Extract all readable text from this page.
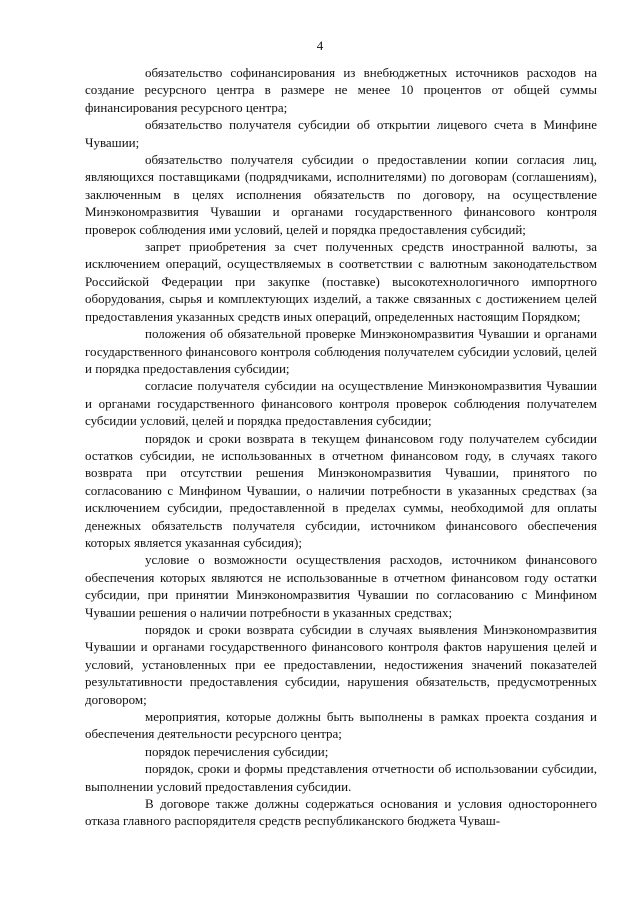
4

обязательство софинансирования из внебюджетных источников расходов на создание ресурсного центра в размере не менее 10 процентов от общей суммы финансирования ресурсного центра;

обязательство получателя субсидии об открытии лицевого счета в Минфине Чувашии;

обязательство получателя субсидии о предоставлении копии согласия лиц, являющихся поставщиками (подрядчиками, исполнителями) по договорам (соглашениям), заключенным в целях исполнения обязательств по договору, на осуществление Минэкономразвития Чувашии и органами государственного финансового контроля проверок соблюдения ими условий, целей и порядка предоставления субсидий;

запрет приобретения за счет полученных средств иностранной валюты, за исключением операций, осуществляемых в соответствии с валютным законодательством Российской Федерации при закупке (поставке) высокотехнологичного импортного оборудования, сырья и комплектующих изделий, а также связанных с достижением целей предоставления указанных средств иных операций, определенных настоящим Порядком;

положения об обязательной проверке Минэкономразвития Чувашии и органами государственного финансового контроля соблюдения получателем субсидии условий, целей и порядка предоставления субсидии;

согласие получателя субсидии на осуществление Минэкономразвития Чувашии и органами государственного финансового контроля проверок соблюдения получателем субсидии условий, целей и порядка предоставления субсидии;

порядок и сроки возврата в текущем финансовом году получателем субсидии остатков субсидии, не использованных в отчетном финансовом году, в случаях такого возврата при отсутствии решения Минэкономразвития Чувашии, принятого по согласованию с Минфином Чувашии, о наличии потребности в указанных средствах (за исключением субсидии, предоставленной в пределах суммы, необходимой для оплаты денежных обязательств получателя субсидии, источником финансового обеспечения которых является указанная субсидия);

условие о возможности осуществления расходов, источником финансового обеспечения которых являются не использованные в отчетном финансовом году остатки субсидии, при принятии Минэкономразвития Чувашии по согласованию с Минфином Чувашии решения о наличии потребности в указанных средствах;

порядок и сроки возврата субсидии в случаях выявления Минэкономразвития Чувашии и органами государственного финансового контроля фактов нарушения целей и условий, установленных при ее предоставлении, недостижения значений показателей результативности предоставления субсидии, нарушения обязательств, предусмотренных договором;

мероприятия, которые должны быть выполнены в рамках проекта создания и обеспечения деятельности ресурсного центра;

порядок перечисления субсидии;

порядок, сроки и формы представления отчетности об использовании субсидии, выполнении условий предоставления субсидии.

В договоре также должны содержаться основания и условия одностороннего отказа главного распорядителя средств республиканского бюджета Чуваш-
